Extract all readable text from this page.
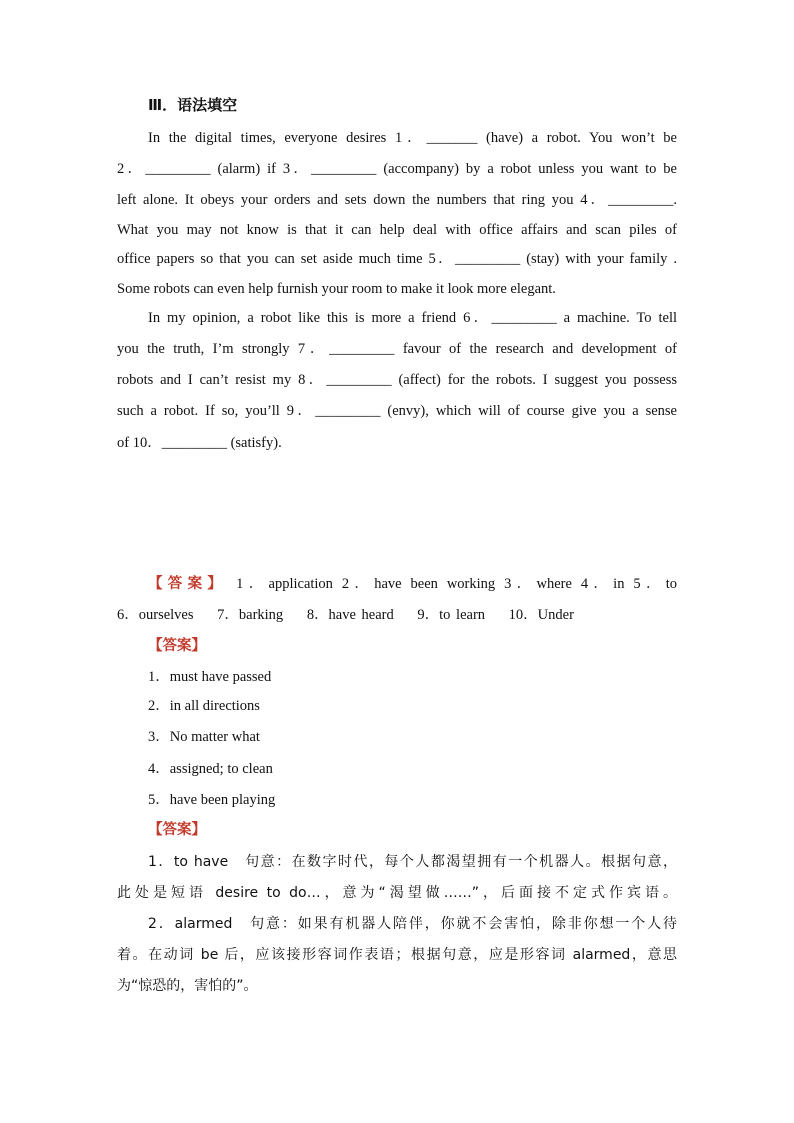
Ⅲ．语法填空
In the digital times, everyone desires 1．_______ (have) a robot. You won’t be
2．_________ (alarm) if 3．_________ (accompany) by a robot unless you want to be
left alone. It obeys your orders and sets down the numbers that ring you 4．_________.
What you may not know is that it can help deal with office affairs and scan piles of
office papers so that you can set aside much time 5．_________ (stay) with your family .
Some robots can even help furnish your room to make it look more elegant.
In my opinion, a robot like this is more a friend 6．_________ a machine. To tell
you the truth, I’m strongly 7．_________ favour of the research and development of
robots and I can’t resist my 8．_________ (affect) for the robots. I suggest you possess
such a robot. If so, you’ll 9．_________ (envy), which will of course give you a sense
of 10．_________ (satisfy).
【答案】 1．application 2．have been working 3．where 4．in 5．to
6．ourselves 7．barking 8．have heard 9．to learn 10．Under
【答案】
1．must have passed
2．in all directions
3．No matter what
4．assigned; to clean
5．have been playing
【答案】
1．to have　句意：在数字时代，每个人都渴望拥有一个机器人。根据句意，
此处是短语 desire to do…，意为“渴望做……”，后面接不定式作宾语。
2．alarmed　句意：如果有机器人陪伴，你就不会害怕，除非你想一个人待
着。在动词 be 后，应该接形容词作表语；根据句意，应是形容词 alarmed，意思
为“惊恐的，害怕的”。
